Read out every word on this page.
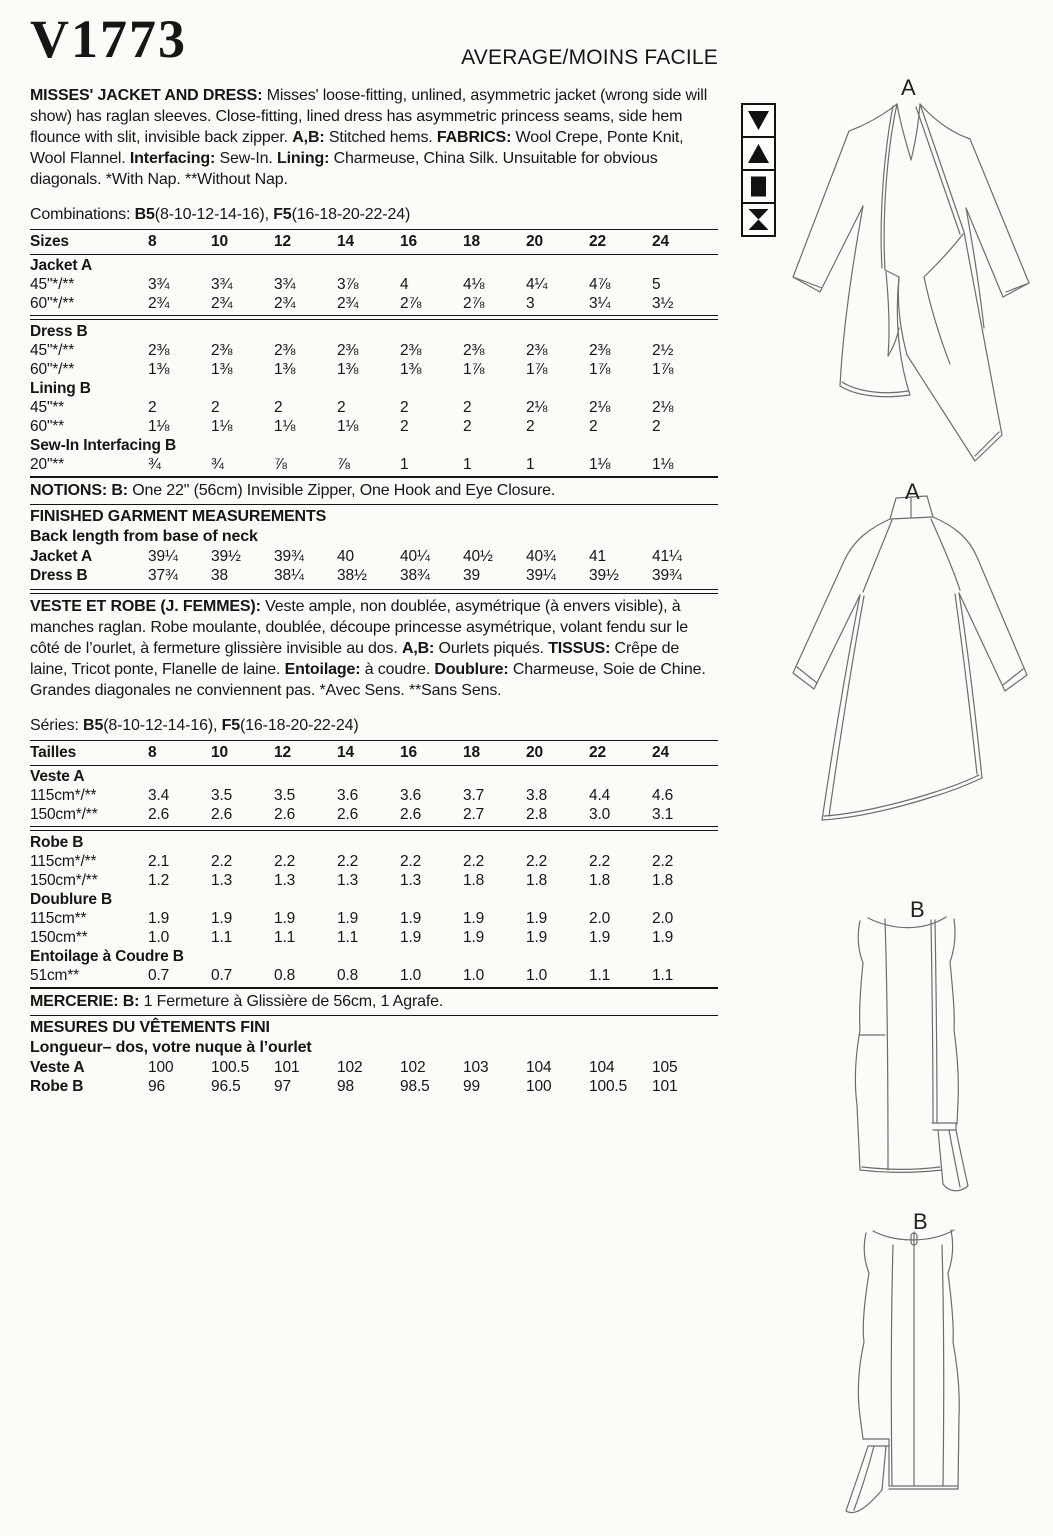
V1773	AVERAGE/MOINS FACILE

MISSES' JACKET AND DRESS: Misses' loose-fitting, unlined, asymmetric jacket (wrong side will show) has raglan sleeves. Close-fitting, lined dress has asymmetric princess seams, side hem flounce with slit, invisible back zipper. A,B: Stitched hems. FABRICS: Wool Crepe, Ponte Knit, Wool Flannel. Interfacing: Sew-In. Lining: Charmeuse, China Silk. Unsuitable for obvious diagonals. *With Nap. **Without Nap.

Combinations: B5(8-10-12-14-16), F5(16-18-20-22-24)
Sizes	8	10	12	14	16	18	20	22	24
Jacket A
45"*/**	3¾	3¾	3¾	3⅞	4	4⅛	4¼	4⅞	5
60"*/**	2¾	2¾	2¾	2¾	2⅞	2⅞	3	3¼	3½
Dress B
45"*/**	2⅜	2⅜	2⅜	2⅜	2⅜	2⅜	2⅜	2⅜	2½
60"*/**	1⅜	1⅜	1⅜	1⅜	1⅜	1⅞	1⅞	1⅞	1⅞
Lining B
45"**	2	2	2	2	2	2	2⅛	2⅛	2⅛
60"**	1⅛	1⅛	1⅛	1⅛	2	2	2	2	2
Sew-In Interfacing B
20"**	¾	¾	⅞	⅞	1	1	1	1⅛	1⅛
NOTIONS: B: One 22" (56cm) Invisible Zipper, One Hook and Eye Closure.
FINISHED GARMENT MEASUREMENTS
Back length from base of neck
Jacket A	39¼	39½	39¾	40	40¼	40½	40¾	41	41¼
Dress B	37¾	38	38¼	38½	38¾	39	39¼	39½	39¾

VESTE ET ROBE (J. FEMMES): Veste ample, non doublée, asymétrique (à envers visible), à manches raglan. Robe moulante, doublée, découpe princesse asymétrique, volant fendu sur le côté de l’ourlet, à fermeture glissière invisible au dos. A,B: Ourlets piqués. TISSUS: Crêpe de laine, Tricot ponte, Flanelle de laine. Entoilage: à coudre. Doublure: Charmeuse, Soie de Chine. Grandes diagonales ne conviennent pas. *Avec Sens. **Sans Sens.

Séries: B5(8-10-12-14-16), F5(16-18-20-22-24)
Tailles	8	10	12	14	16	18	20	22	24
Veste A
115cm*/**	3.4	3.5	3.5	3.6	3.6	3.7	3.8	4.4	4.6
150cm*/**	2.6	2.6	2.6	2.6	2.6	2.7	2.8	3.0	3.1
Robe B
115cm*/**	2.1	2.2	2.2	2.2	2.2	2.2	2.2	2.2	2.2
150cm*/**	1.2	1.3	1.3	1.3	1.3	1.8	1.8	1.8	1.8
Doublure B
115cm**	1.9	1.9	1.9	1.9	1.9	1.9	1.9	2.0	2.0
150cm**	1.0	1.1	1.1	1.1	1.9	1.9	1.9	1.9	1.9
Entoilage à Coudre B
51cm**	0.7	0.7	0.8	0.8	1.0	1.0	1.0	1.1	1.1
MERCERIE: B: 1 Fermeture à Glissière de 56cm, 1 Agrafe.
MESURES DU VÊTEMENTS FINI
Longueur– dos, votre nuque à l’ourlet
Veste A	100	100.5	101	102	102	103	104	104	105
Robe B	96	96.5	97	98	98.5	99	100	100.5	101
A
A
B
B
